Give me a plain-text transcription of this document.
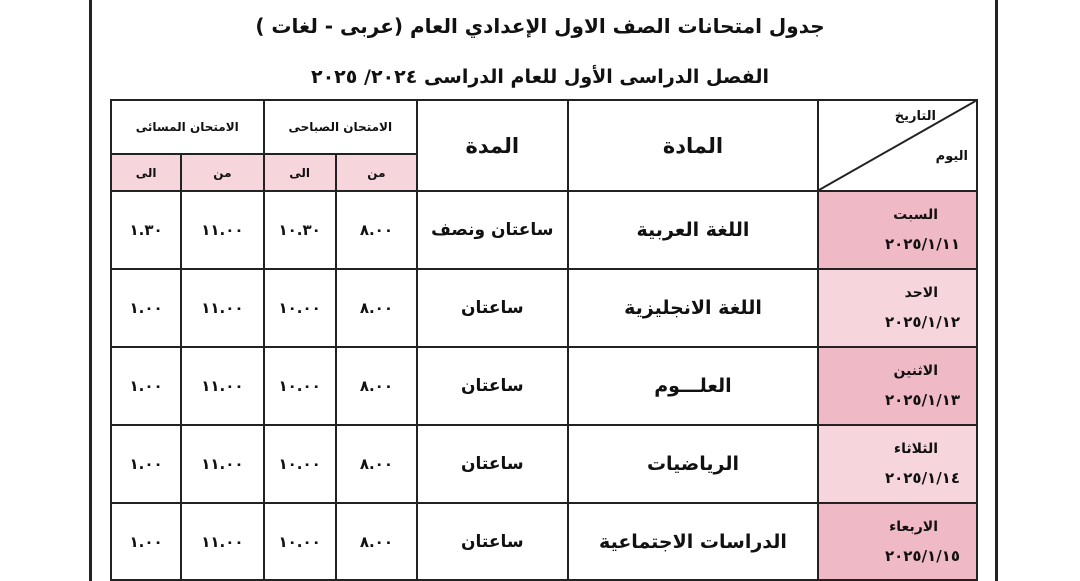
جدول امتحانات الصف الاول الإعدادي العام (عربى - لغات )
الفصل الدراسى الأول للعام الدراسى ٢٠٢٤/ ٢٠٢٥
الامتحان المسائى		الامتحان الصباحى		المدة	المادة	التاريخ
اليوم

الى	من	الى	من			
١.٣٠	١١.٠٠	١٠.٣٠	٨.٠٠	ساعتان ونصف	اللغة العربية	السبت
٢٠٢٥/١/١١

١.٠٠	١١.٠٠	١٠.٠٠	٨.٠٠	ساعتان	اللغة الانجليزية	الاحد
٢٠٢٥/١/١٢

١.٠٠	١١.٠٠	١٠.٠٠	٨.٠٠	ساعتان	العلـــوم	الاثنين
٢٠٢٥/١/١٣

١.٠٠	١١.٠٠	١٠.٠٠	٨.٠٠	ساعتان	الرياضيات	الثلاثاء
٢٠٢٥/١/١٤

١.٠٠	١١.٠٠	١٠.٠٠	٨.٠٠	ساعتان	الدراسات الاجتماعية	الاربعاء
٢٠٢٥/١/١٥
